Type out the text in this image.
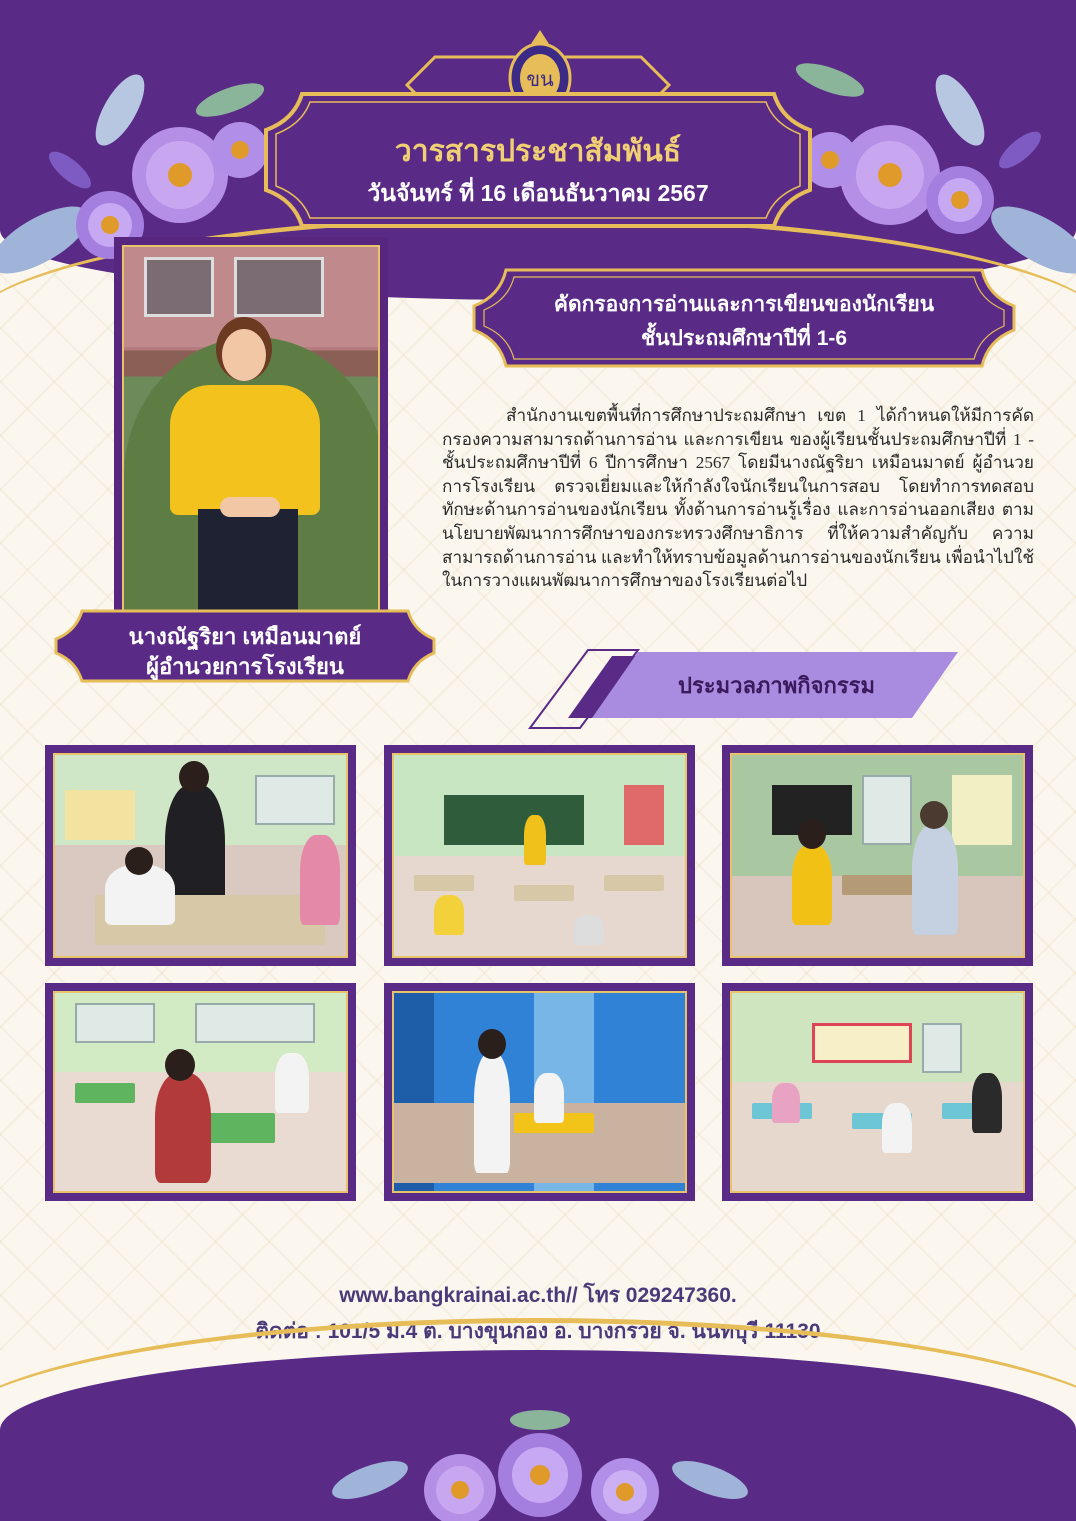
ขน
วารสารประชาสัมพันธ์
วันจันทร์ ที่ 16 เดือนธันวาคม 2567
นางณัฐริยา เหมือนมาตย์
ผู้อำนวยการโรงเรียน
คัดกรองการอ่านและการเขียนของนักเรียน
ชั้นประถมศึกษาปีที่ 1-6
สำนักงานเขตพื้นที่การศึกษาประถมศึกษา เขต 1 ได้กำหนดให้มีการคัดกรองความสามารถด้านการอ่าน และการเขียน ของผู้เรียนชั้นประถมศึกษาปีที่ 1 - ชั้นประถมศึกษาปีที่ 6 ปีการศึกษา 2567 โดยมีนางณัฐริยา เหมือนมาตย์ ผู้อำนวยการโรงเรียน ตรวจเยี่ยมและให้กำลังใจนักเรียนในการสอบ โดยทำการทดสอบทักษะด้านการอ่านของนักเรียน ทั้งด้านการอ่านรู้เรื่อง และการอ่านออกเสียง ตามนโยบายพัฒนาการศึกษาของกระทรวงศึกษาธิการ ที่ให้ความสำคัญกับ ความสามารถด้านการอ่าน และทำให้ทราบข้อมูลด้านการอ่านของนักเรียน เพื่อนำไปใช้ในการวางแผนพัฒนาการศึกษาของโรงเรียนต่อไป
ประมวลภาพกิจกรรม
www.bangkrainai.ac.th// โทร 029247360.
ติดต่อ : 101/5 ม.4 ต. บางขุนกอง อ. บางกรวย จ. นนทบุรี 11130
